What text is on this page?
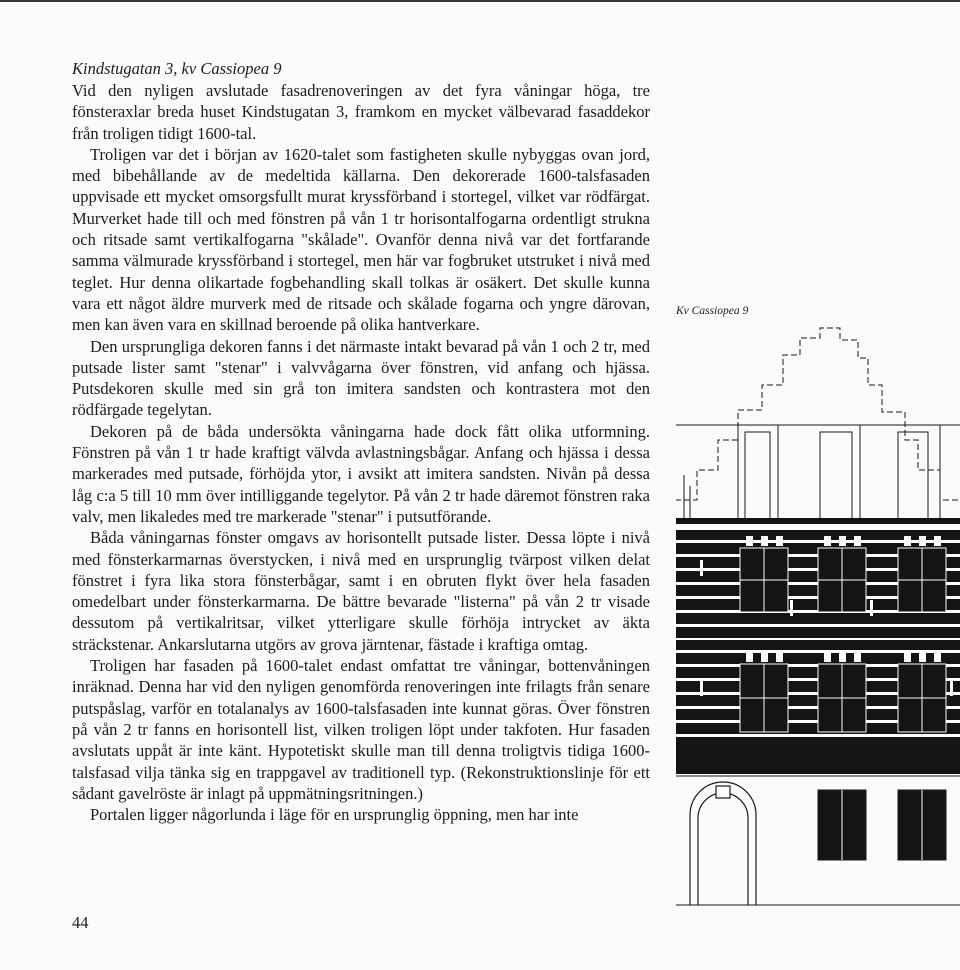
Kindstugatan 3, kv Cassiopea 9

Vid den nyligen avslutade fasadrenoveringen av det fyra våningar höga, tre fönsteraxlar breda huset Kindstugatan 3, framkom en mycket välbevarad fasaddekor från troligen tidigt 1600-tal.

Troligen var det i början av 1620-talet som fastigheten skulle nybyggas ovan jord, med bibehållande av de medeltida källarna. Den dekorerade 1600-talsfasaden uppvisade ett mycket omsorgsfullt murat kryssförband i stortegel, vilket var rödfärgat. Murverket hade till och med fönstren på vån 1 tr horisontalfogarna ordentligt strukna och ritsade samt vertikalfogarna "skålade". Ovanför denna nivå var det fortfarande samma välmurade kryssförband i stortegel, men här var fogbruket utstruket i nivå med teglet. Hur denna olikartade fogbehandling skall tolkas är osäkert. Det skulle kunna vara ett något äldre murverk med de ritsade och skålade fogarna och yngre därovan, men kan även vara en skillnad beroende på olika hantverkare.

Den ursprungliga dekoren fanns i det närmaste intakt bevarad på vån 1 och 2 tr, med putsade lister samt "stenar" i valvvågarna över fönstren, vid anfang och hjässa. Putsdekoren skulle med sin grå ton imitera sandsten och kontrastera mot den rödfärgade tegelytan.

Dekoren på de båda undersökta våningarna hade dock fått olika utformning. Fönstren på vån 1 tr hade kraftigt välvda avlastningsbågar. Anfang och hjässa i dessa markerades med putsade, förhöjda ytor, i avsikt att imitera sandsten. Nivån på dessa låg c:a 5 till 10 mm över intilliggande tegelytor. På vån 2 tr hade däremot fönstren raka valv, men likaledes med tre markerade "stenar" i putsutförande.

Båda våningarnas fönster omgavs av horisontellt putsade lister. Dessa löpte i nivå med fönsterkarmarnas överstycken, i nivå med en ursprunglig tvärpost vilken delat fönstret i fyra lika stora fönsterbågar, samt i en obruten flykt över hela fasaden omedelbart under fönsterkarmarna. De bättre bevarade "listerna" på vån 2 tr visade dessutom på vertikalritsar, vilket ytterligare skulle förhöja intrycket av äkta sträckstenar. Ankarslutarna utgörs av grova järntenar, fästade i kraftiga omtag.

Troligen har fasaden på 1600-talet endast omfattat tre våningar, bottenvåningen inräknad. Denna har vid den nyligen genomförda renoveringen inte frilagts från senare putspåslag, varför en totalanalys av 1600-talsfasaden inte kunnat göras. Över fönstren på vån 2 tr fanns en horisontell list, vilken troligen löpt under takfoten. Hur fasaden avslutats uppåt är inte känt. Hypotetiskt skulle man till denna troligtvis tidiga 1600-talsfasad vilja tänka sig en trappgavel av traditionell typ. (Rekonstruktionslinje för ett sådant gavelröste är inlagt på uppmätningsritningen.)

Portalen ligger någorlunda i läge för en ursprunglig öppning, men har inte

44
Kv Cassiopea 9
